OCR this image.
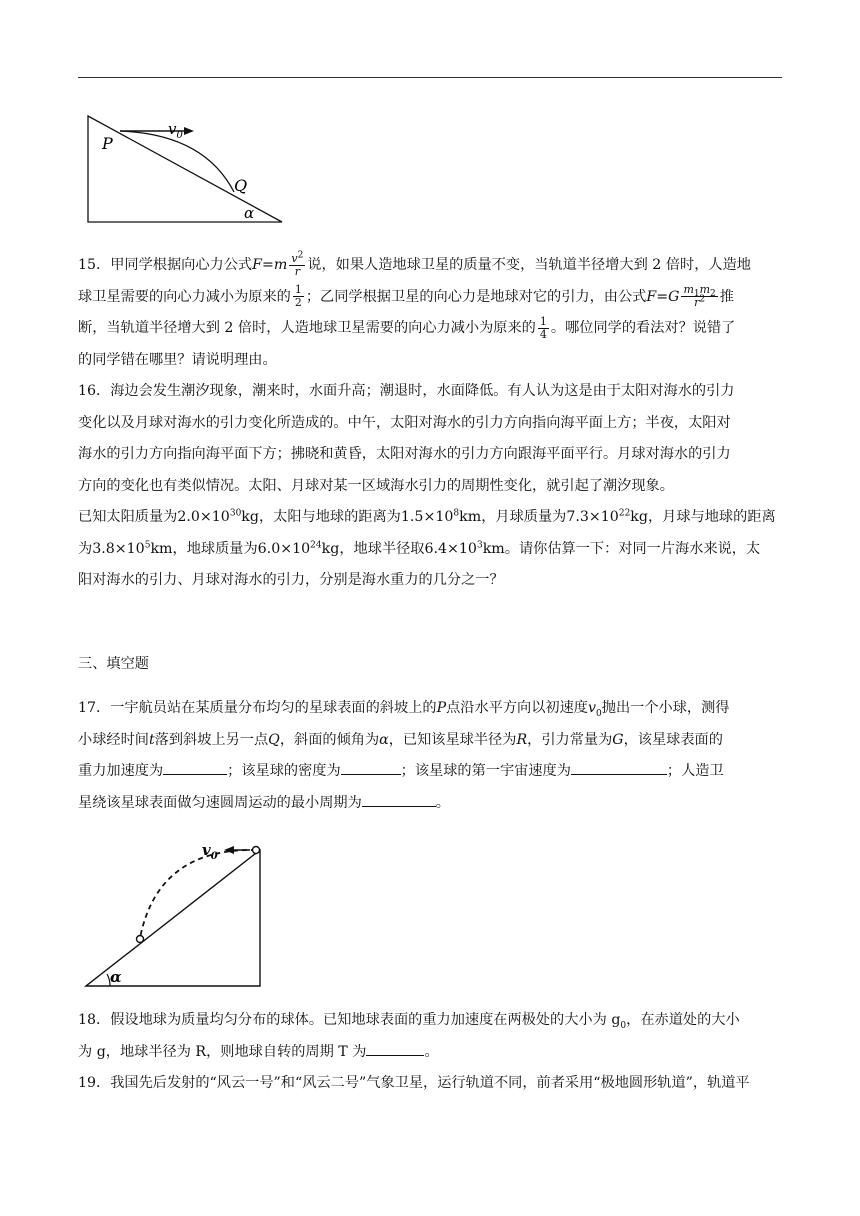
$v_0$
P
Q
α
15．甲同学根据向心力公式$F=m \frac{v^2}{r}$ 说，如果人造地球卫星的质量不变，当轨道半径增大到 2 倍时，人造地
球卫星需要的向心力减小为原来的 $\frac{1}{2}$ ；乙同学根据卫星的向心力是地球对它的引力，由公式$F=G \frac{m_1m_2}{r^2}$ 推
断，当轨道半径增大到 2 倍时，人造地球卫星需要的向心力减小为原来的 $\frac{1}{4}$ 。哪位同学的看法对？说错了
的同学错在哪里？请说明理由。
16．海边会发生潮汐现象，潮来时，水面升高；潮退时，水面降低。有人认为这是由于太阳对海水的引力
变化以及月球对海水的引力变化所造成的。中午，太阳对海水的引力方向指向海平面上方；半夜，太阳对
海水的引力方向指向海平面下方；拂晓和黄昏，太阳对海水的引力方向跟海平面平行。月球对海水的引力
方向的变化也有类似情况。太阳、月球对某一区域海水引力的周期性变化，就引起了潮汐现象。
已知太阳质量为$2.0\times 10^{30}kg$，太阳与地球的距离为$1.5\times 10^8km$，月球质量为$7.3\times 10^{22}kg$，月球与地球的距离
为$3.8\times 10^5km$，地球质量为$6.0\times 10^{24}kg$，地球半径取$6.4\times 10^3km$。请你估算一下：对同一片海水来说，太
阳对海水的引力、月球对海水的引力，分别是海水重力的几分之一？
三、填空题
17．一宇航员站在某质量分布均匀的星球表面的斜坡上的P点沿水平方向以初速度$v_0$抛出一个小球，测得
小球经时间t落到斜坡上另一点Q，斜面的倾角为α，已知该星球半径为R，引力常量为G，该星球表面的
重力加速度为	；该星球的密度为	；该星球的第一宇宙速度为	；人造卫
星绕该星球表面做匀速圆周运动的最小周期为	。
$v_0$
α
18．假设地球为质量均匀分布的球体。已知地球表面的重力加速度在两极处的大小为 $g_0$，在赤道处的大小
为 g，地球半径为 R，则地球自转的周期 T 为	。
19．我国先后发射的“风云一号”和“风云二号”气象卫星，运行轨道不同，前者采用“极地圆形轨道”，轨道平
